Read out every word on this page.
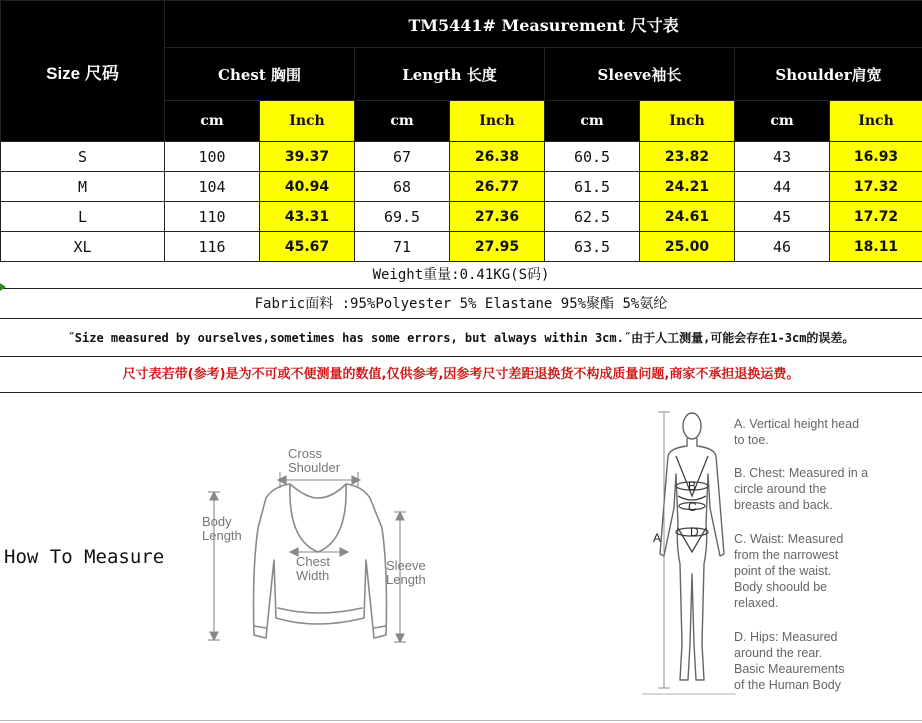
Size 尺码	TM5441# Measurement 尺寸表							
	Chest 胸围		Length 长度		Sleeve袖长		Shoulder肩宽	
	cm	Inch	cm	Inch	cm	Inch	cm	Inch
S	100	39.37	67	26.38	60.5	23.82	43	16.93
M	104	40.94	68	26.77	61.5	24.21	44	17.32
L	110	43.31	69.5	27.36	62.5	24.61	45	17.72
XL	116	45.67	71	27.95	63.5	25.00	46	18.11
Weight重量:0.41KG(S码)
Fabric面料 :95%Polyester 5% Elastane 95%聚酯 5%氨纶
˝Size measured by ourselves,sometimes has some errors, but always within 3cm.˝由于人工测量,可能会存在1-3cm的误差。
尺寸表若带(参考)是为不可或不便测量的数值,仅供参考,因参考尺寸差距退换货不构成质量问题,商家不承担退换运费。
How To Measure
Cross
Shoulder
Body
Length
Chest
Width
Sleeve
Length
A
B
C
D
A. Vertical height head
to toe.
B. Chest: Measured in a
circle around the
breasts and back.
C. Waist: Measured
from the narrowest
point of the waist.
Body shoould be
relaxed.
D. Hips: Measured
around the rear.
Basic Meaurements
of the Human Body
